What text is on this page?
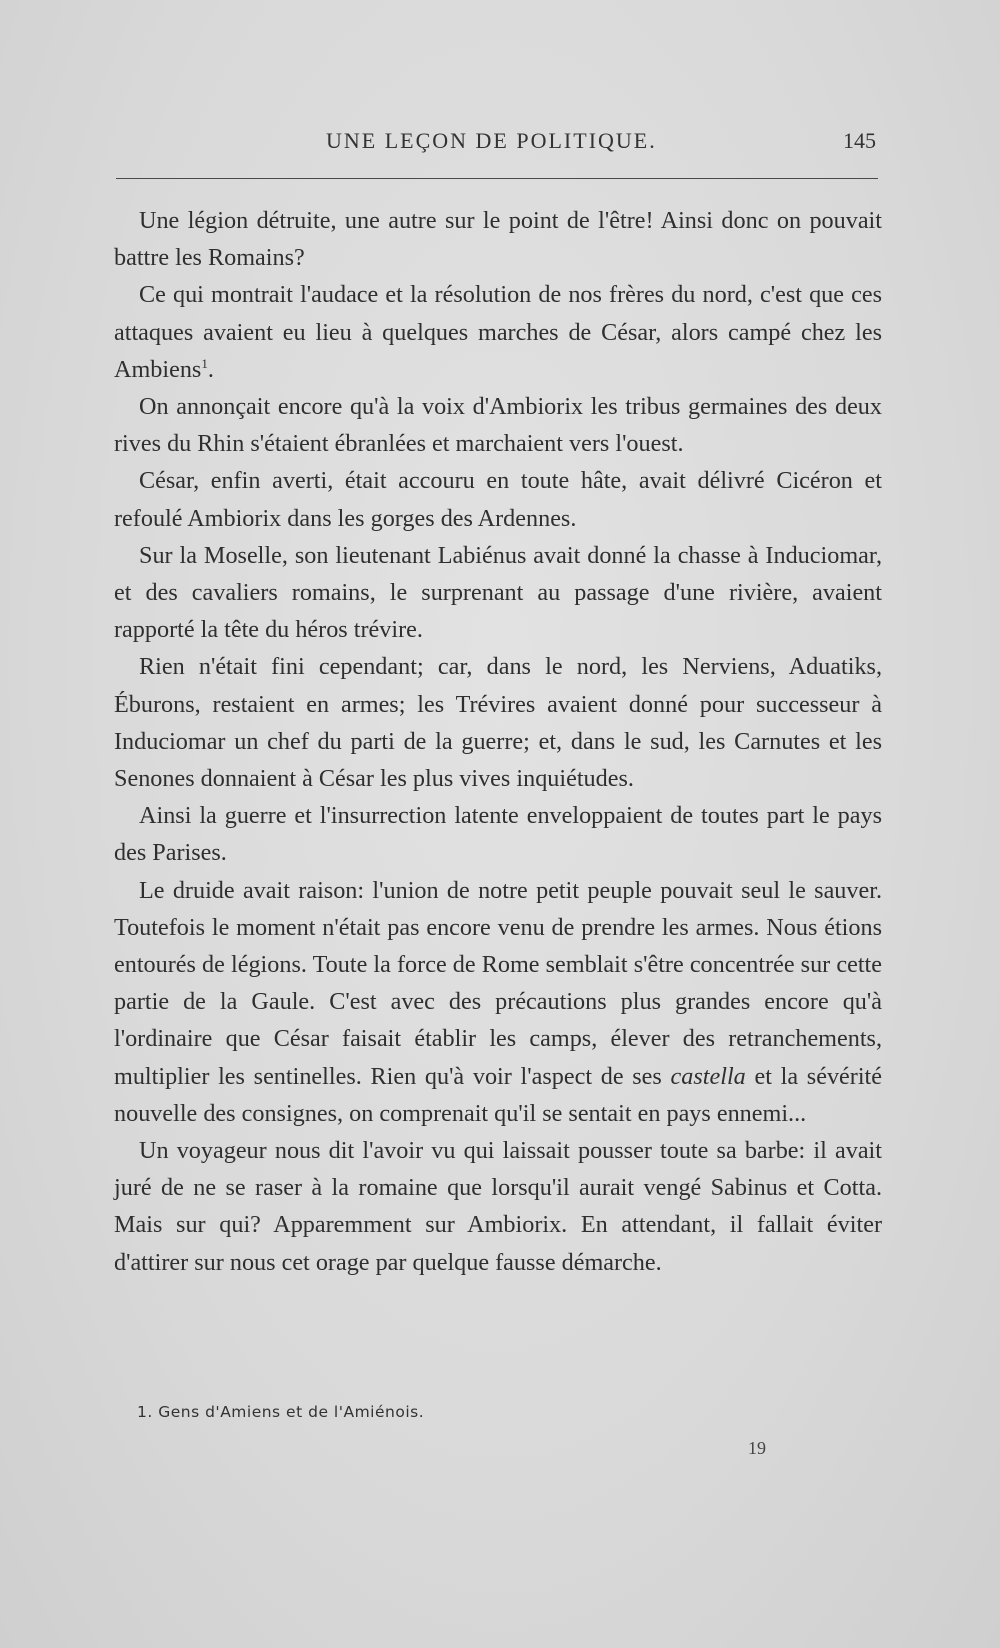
UNE LEÇON DE POLITIQUE.	145

Une légion détruite, une autre sur le point de l'être! Ainsi donc on pouvait battre les Romains?

Ce qui montrait l'audace et la résolution de nos frères du nord, c'est que ces attaques avaient eu lieu à quelques marches de César, alors campé chez les Ambiens$^1$.

On annonçait encore qu'à la voix d'Ambiorix les tribus germaines des deux rives du Rhin s'étaient ébranlées et marchaient vers l'ouest.

César, enfin averti, était accouru en toute hâte, avait délivré Cicéron et refoulé Ambiorix dans les gorges des Ardennes.

Sur la Moselle, son lieutenant Labiénus avait donné la chasse à Induciomar, et des cavaliers romains, le surprenant au passage d'une rivière, avaient rapporté la tête du héros trévire.

Rien n'était fini cependant; car, dans le nord, les Nerviens, Aduatiks, Éburons, restaient en armes; les Trévires avaient donné pour successeur à Induciomar un chef du parti de la guerre; et, dans le sud, les Carnutes et les Senones donnaient à César les plus vives inquiétudes.

Ainsi la guerre et l'insurrection latente enveloppaient de toutes part le pays des Parises.

Le druide avait raison: l'union de notre petit peuple pouvait seul le sauver. Toutefois le moment n'était pas encore venu de prendre les armes. Nous étions entourés de légions. Toute la force de Rome semblait s'être concentrée sur cette partie de la Gaule. C'est avec des précautions plus grandes encore qu'à l'ordinaire que César faisait établir les camps, élever des retranchements, multiplier les sentinelles. Rien qu'à voir l'aspect de ses castella et la sévérité nouvelle des consignes, on comprenait qu'il se sentait en pays ennemi...

Un voyageur nous dit l'avoir vu qui laissait pousser toute sa barbe: il avait juré de ne se raser à la romaine que lorsqu'il aurait vengé Sabinus et Cotta. Mais sur qui? Apparemment sur Ambiorix. En attendant, il fallait éviter d'attirer sur nous cet orage par quelque fausse démarche.

1. Gens d'Amiens et de l'Amiénois.
19
